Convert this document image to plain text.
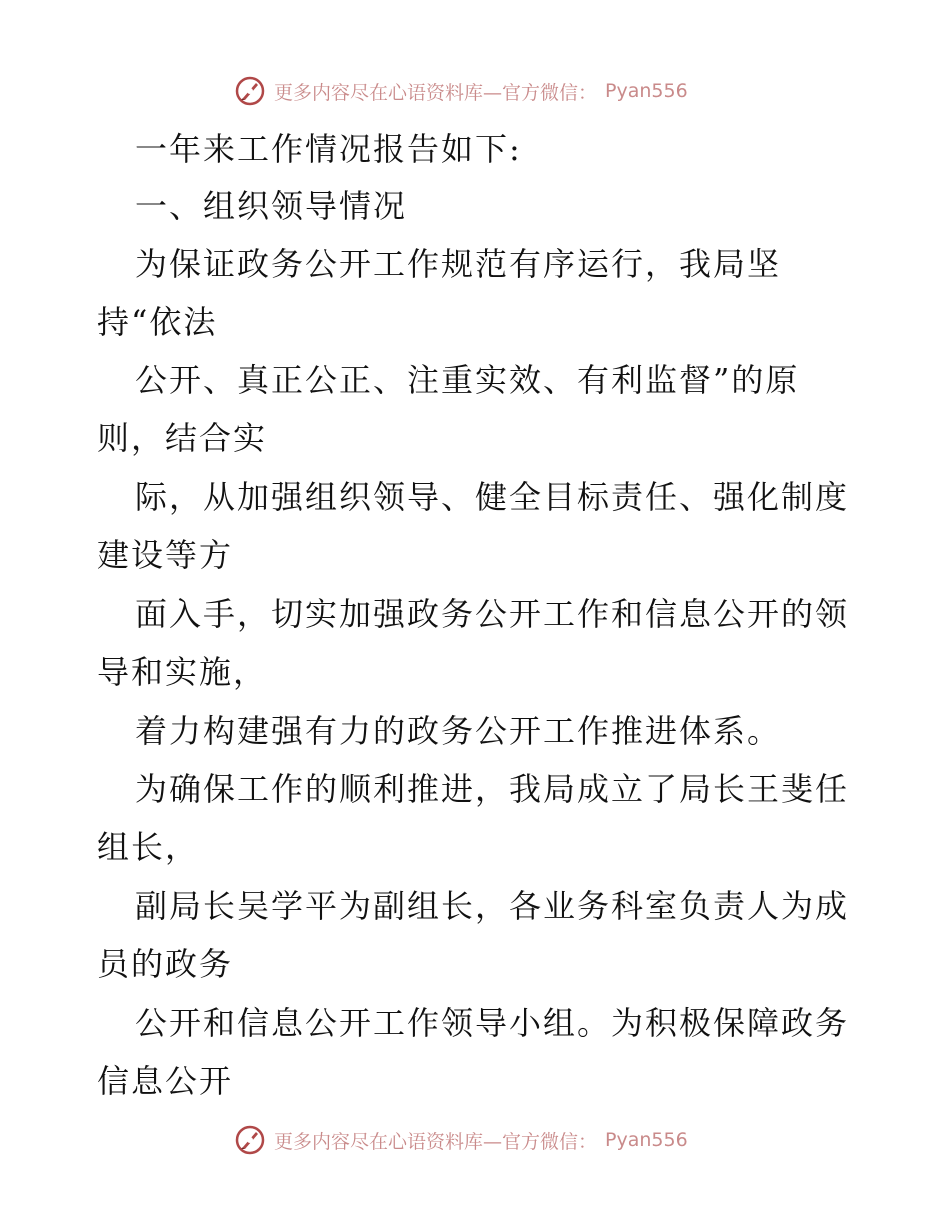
更多内容尽在心语资料库—官方微信： Pyan556
一年来工作情况报告如下:
一、组织领导情况
为保证政务公开工作规范有序运行，我局坚
持“依法
公开、真正公正、注重实效、有利监督”的原
则，结合实
际，从加强组织领导、健全目标责任、强化制度
建设等方
面入手，切实加强政务公开工作和信息公开的领
导和实施，
着力构建强有力的政务公开工作推进体系。
为确保工作的顺利推进，我局成立了局长王斐任
组长，
副局长吴学平为副组长，各业务科室负责人为成
员的政务
公开和信息公开工作领导小组。为积极保障政务
信息公开
更多内容尽在心语资料库—官方微信： Pyan556
